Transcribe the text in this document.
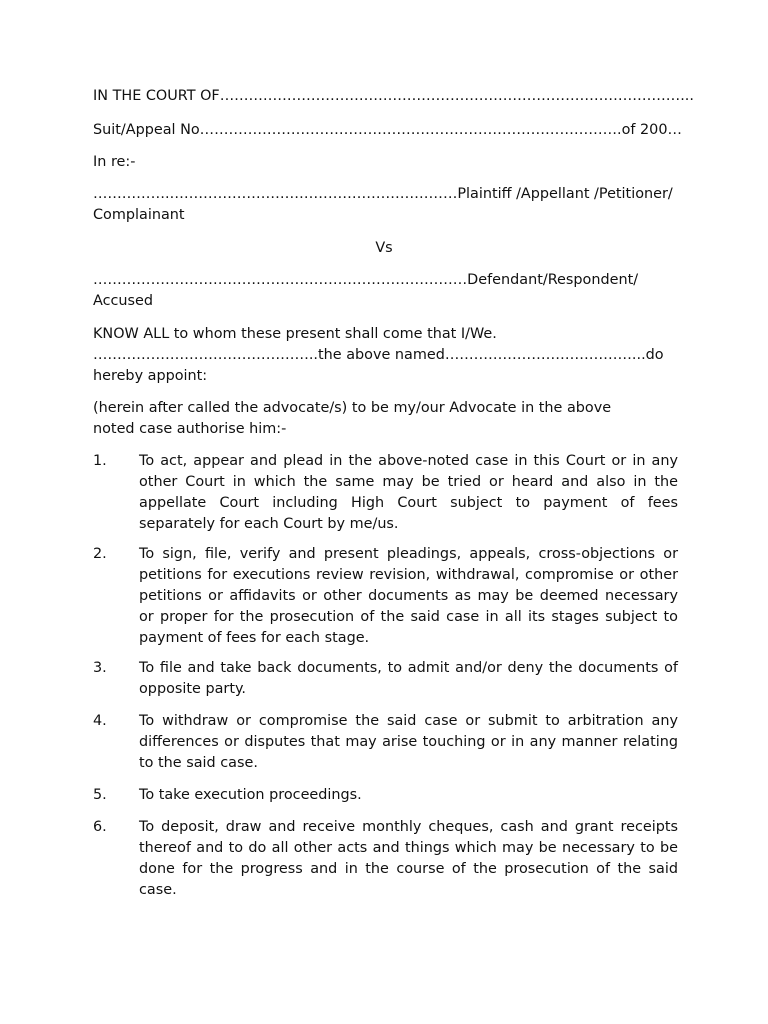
IN THE COURT OF……………………………………………………………………………………...

Suit/Appeal No…………………………………………………………………………….of 200…

In re:-

…………….……………………………………………………Plaintiff /Appellant /Petitioner/

Complainant

Vs

……………………………………………………………………Defendant/Respondent/

Accused

KNOW ALL to whom these present shall come that I/We.

………………………………………..the above named…………………………………...do

hereby appoint:

(herein after called the advocate/s) to be my/our Advocate in the above

noted case authorise him:-

1.	To act, appear and plead in the above-noted case in this Court or in any other Court in which the same may be tried or heard and also in the appellate Court including High Court subject to payment of fees separately for each Court by me/us.
2.	To sign, file, verify and present pleadings, appeals, cross-objections or petitions for executions review revision, withdrawal, compromise or other petitions or affidavits or other documents as may be deemed necessary or proper for the prosecution of the said case in all its stages subject to payment of fees for each stage.
3.	To file and take back documents, to admit and/or deny the documents of opposite party.
4.	To withdraw or compromise the said case or submit to arbitration any differences or disputes that may arise touching or in any manner relating to the said case.
5.	To take execution proceedings.
6.	To deposit, draw and receive monthly cheques, cash and grant receipts thereof and to do all other acts and things which may be necessary to be done for the progress and in the course of the prosecution of the said case.
